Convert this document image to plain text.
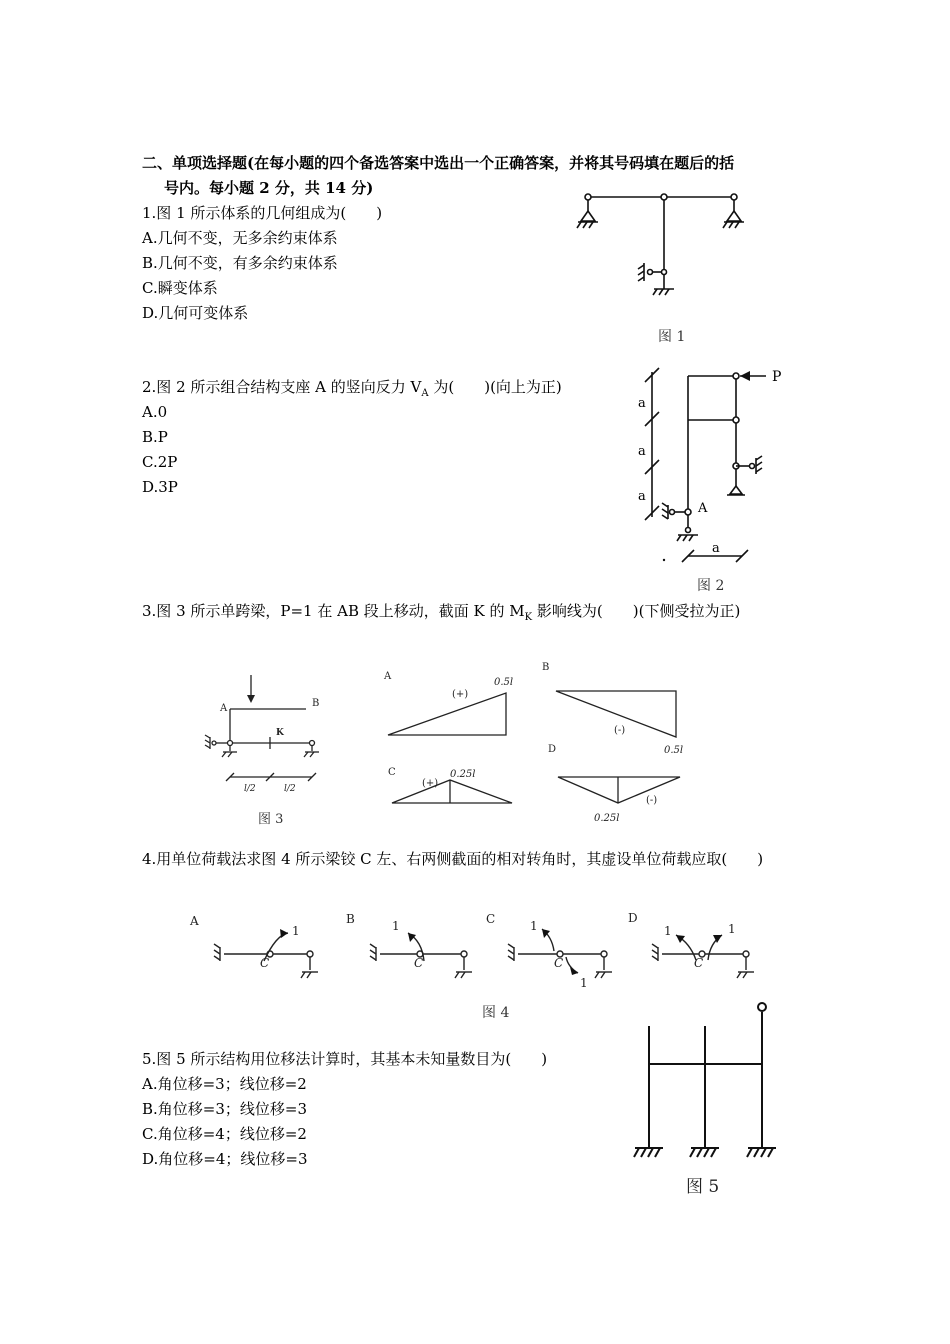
二、单项选择题(在每小题的四个备选答案中选出一个正确答案，并将其号码填在题后的括
号内。每小题 2 分，共 14 分)
1.图 1 所示体系的几何组成为(　　)
A.几何不变，无多余约束体系
B.几何不变，有多余约束体系
C.瞬变体系
D.几何可变体系
图 1
2.图 2 所示组合结构支座 A 的竖向反力 $V_A$ 为(　　)(向上为正)
A.0
B.P
C.2P
D.3P
P
a
a
a
a
A
图 2
3.图 3 所示单跨梁，P=1 在 AB 段上移动，截面 K 的 $M_K$ 影响线为(　　)(下侧受拉为正)
A	B
K
l/2	l/2
图 3
A
(+)
0.5l
B
(-)
0.5l
C
(+)
0.25l
D
(-)
0.25l
4.用单位荷载法求图 4 所示梁铰 C 左、右两侧截面的相对转角时，其虚设单位荷载应取(　　)
A	B	C	D
C
1
C
1
C
1
1
C
1	1
图 4
5.图 5 所示结构用位移法计算时，其基本未知量数目为(　　)
A.角位移=3；线位移=2
B.角位移=3；线位移=3
C.角位移=4；线位移=2
D.角位移=4；线位移=3
图 5
